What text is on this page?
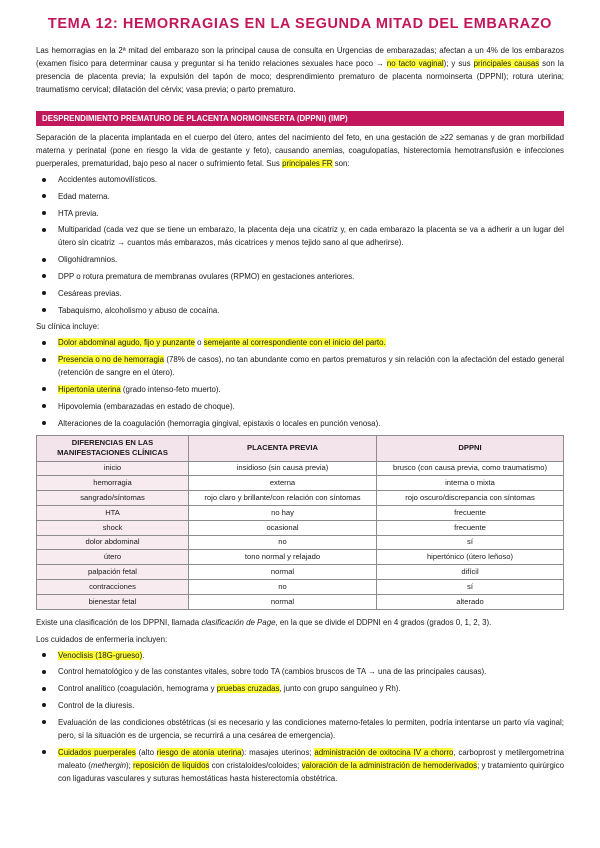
TEMA 12: HEMORRAGIAS EN LA SEGUNDA MITAD DEL EMBARAZO

Las hemorragias en la 2ª mitad del embarazo son la principal causa de consulta en Urgencias de embarazadas; afectan a un 4% de los embarazos (examen físico para determinar causa y preguntar si ha tenido relaciones sexuales hace poco → no tacto vaginal); y sus principales causas son la presencia de placenta previa; la expulsión del tapón de moco; desprendimiento prematuro de placenta normoinserta (DPPNI); rotura uterina; traumatismo cervical; dilatación del cérvix; vasa previa; o parto prematuro.

DESPRENDIMIENTO PREMATURO DE PLACENTA NORMOINSERTA (DPPNI) (IMP)

Separación de la placenta implantada en el cuerpo del útero, antes del nacimiento del feto, en una gestación de ≥22 semanas y de gran morbilidad materna y perinatal (pone en riesgo la vida de gestante y feto), causando anemias, coagulopatías, histerectomía hemotransfusión e infecciones puerperales, prematuridad, bajo peso al nacer o sufrimiento fetal. Sus principales FR son:

Accidentes automovilísticos.
Edad materna.
HTA previa.
Multiparidad (cada vez que se tiene un embarazo, la placenta deja una cicatriz y, en cada embarazo la placenta se va a adherir a un lugar del útero sin cicatriz → cuantos más embarazos, más cicatrices y menos tejido sano al que adherirse).
Oligohidramnios.
DPP o rotura prematura de membranas ovulares (RPMO) en gestaciones anteriores.
Cesáreas previas.
Tabaquismo, alcoholismo y abuso de cocaína.

Su clínica incluye:

Dolor abdominal agudo, fijo y punzante o semejante al correspondiente con el inicio del parto.
Presencia o no de hemorragia (78% de casos), no tan abundante como en partos prematuros y sin relación con la afectación del estado general (retención de sangre en el útero).
Hipertonía uterina (grado intenso-feto muerto).
Hipovolemia (embarazadas en estado de choque).
Alteraciones de la coagulación (hemorragia gingival, epistaxis o locales en punción venosa).
DIFERENCIAS EN LAS MANIFESTACIONES CLÍNICAS	PLACENTA PREVIA	DPPNI
inicio	insidioso (sin causa previa)	brusco (con causa previa, como traumatismo)
hemorragia	externa	interna o mixta
sangrado/síntomas	rojo claro y brillante/con relación con síntomas	rojo oscuro/discrepancia con síntomas
HTA	no hay	frecuente
shock	ocasional	frecuente
dolor abdominal	no	sí
útero	tono normal y relajado	hipertónico (útero leñoso)
palpación fetal	normal	difícil
contracciones	no	sí
bienestar fetal	normal	alterado

Existe una clasificación de los DPPNI, llamada clasificación de Page, en la que se divide el DDPNI en 4 grados (grados 0, 1, 2, 3).

Los cuidados de enfermería incluyen:

Venoclisis (18G-grueso).
Control hematológico y de las constantes vitales, sobre todo TA (cambios bruscos de TA → una de las principales causas).
Control analítico (coagulación, hemograma y pruebas cruzadas, junto con grupo sanguíneo y Rh).
Control de la diuresis.
Evaluación de las condiciones obstétricas (si es necesario y las condiciones materno-fetales lo permiten, podría intentarse un parto vía vaginal; pero, si la situación es de urgencia, se recurrirá a una cesárea de emergencia).
Cuidados puerperales (alto riesgo de atonía uterina): masajes uterinos; administración de oxitocina IV a chorro, carboprost y metilergometrina maleato (methergin); reposición de líquidos con cristaloides/coloides; valoración de la administración de hemoderivados; y tratamiento quirúrgico con ligaduras vasculares y suturas hemostáticas hasta histerectomía obstétrica.
